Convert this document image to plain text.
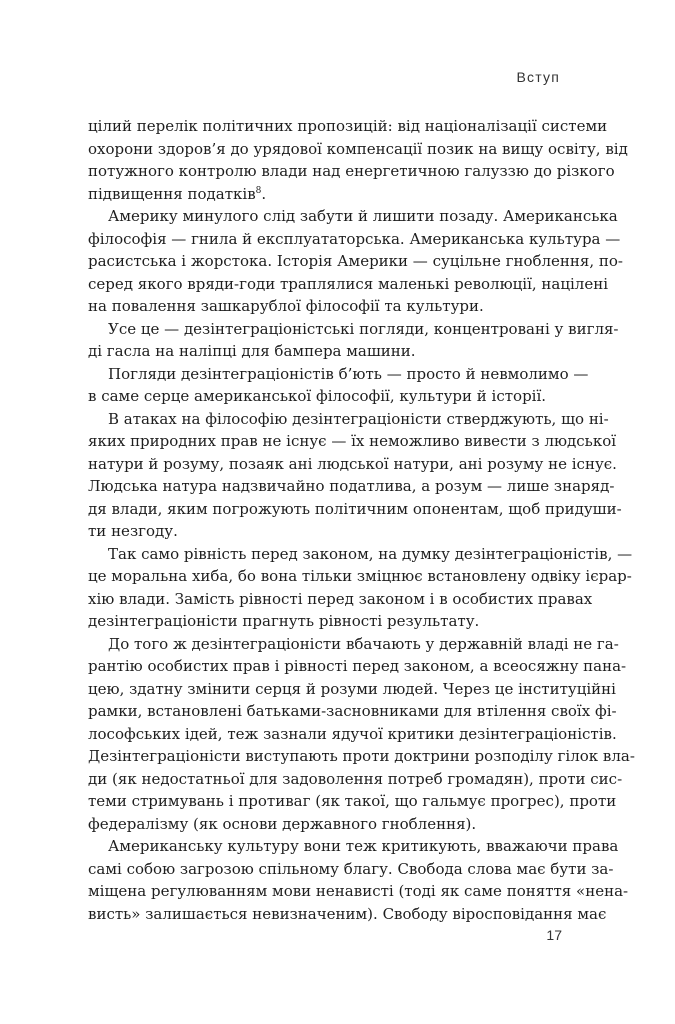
Вступ
цілий перелік політичних пропозицій: від націоналізації системи
охорони здоров’я до урядової компенсації позик на вищу освіту, від
потужного контролю влади над енергетичною галуззю до різкого
підвищення податків$^8$.
Америку минулого слід забути й лишити позаду. Американська
філософія — гнила й експлуататорська. Американська культура —
расистська і жорстока. Історія Америки — суцільне гноблення, по-
серед якого вряди-годи траплялися маленькі революції, націлені
на повалення зашкарублої філософії та культури.
Усе це — дезінтеграціоністські погляди, концентровані у вигля-
ді гасла на наліпці для бампера машини.
Погляди дезінтеграціоністів б’ють — просто й невмолимо —
в саме серце американської філософії, культури й історії.
В атаках на філософію дезінтеграціоністи стверджують, що ні-
яких природних прав не існує — їх неможливо вивести з людської
натури й розуму, позаяк ані людської натури, ані розуму не існує.
Людська натура надзвичайно податлива, а розум — лише знаряд-
дя влади, яким погрожують політичним опонентам, щоб придуши-
ти незгоду.
Так само рівність перед законом, на думку дезінтеграціоністів, —
це моральна хиба, бо вона тільки зміцнює встановлену одвіку ієрар-
хію влади. Замість рівності перед законом і в особистих правах
дезінтеграціоністи прагнуть рівності результату.
До того ж дезінтеграціоністи вбачають у державній владі не га-
рантію особистих прав і рівності перед законом, а всеосяжну пана-
цею, здатну змінити серця й розуми людей. Через це інституційні
рамки, встановлені батьками-засновниками для втілення своїх фі-
лософських ідей, теж зазнали ядучої критики дезінтеграціоністів.
Дезінтеграціоністи виступають проти доктрини розподілу гілок вла-
ди (як недостатньої для задоволення потреб громадян), проти сис-
теми стримувань і противаг (як такої, що гальмує прогрес), проти
федералізму (як основи державного гноблення).
Американську культуру вони теж критикують, вважаючи права
самі собою загрозою спільному благу. Свобода слова має бути за-
міщена регулюванням мови ненависті (тоді як саме поняття «нена-
висть» залишається невизначеним). Свободу віросповідання має
17
